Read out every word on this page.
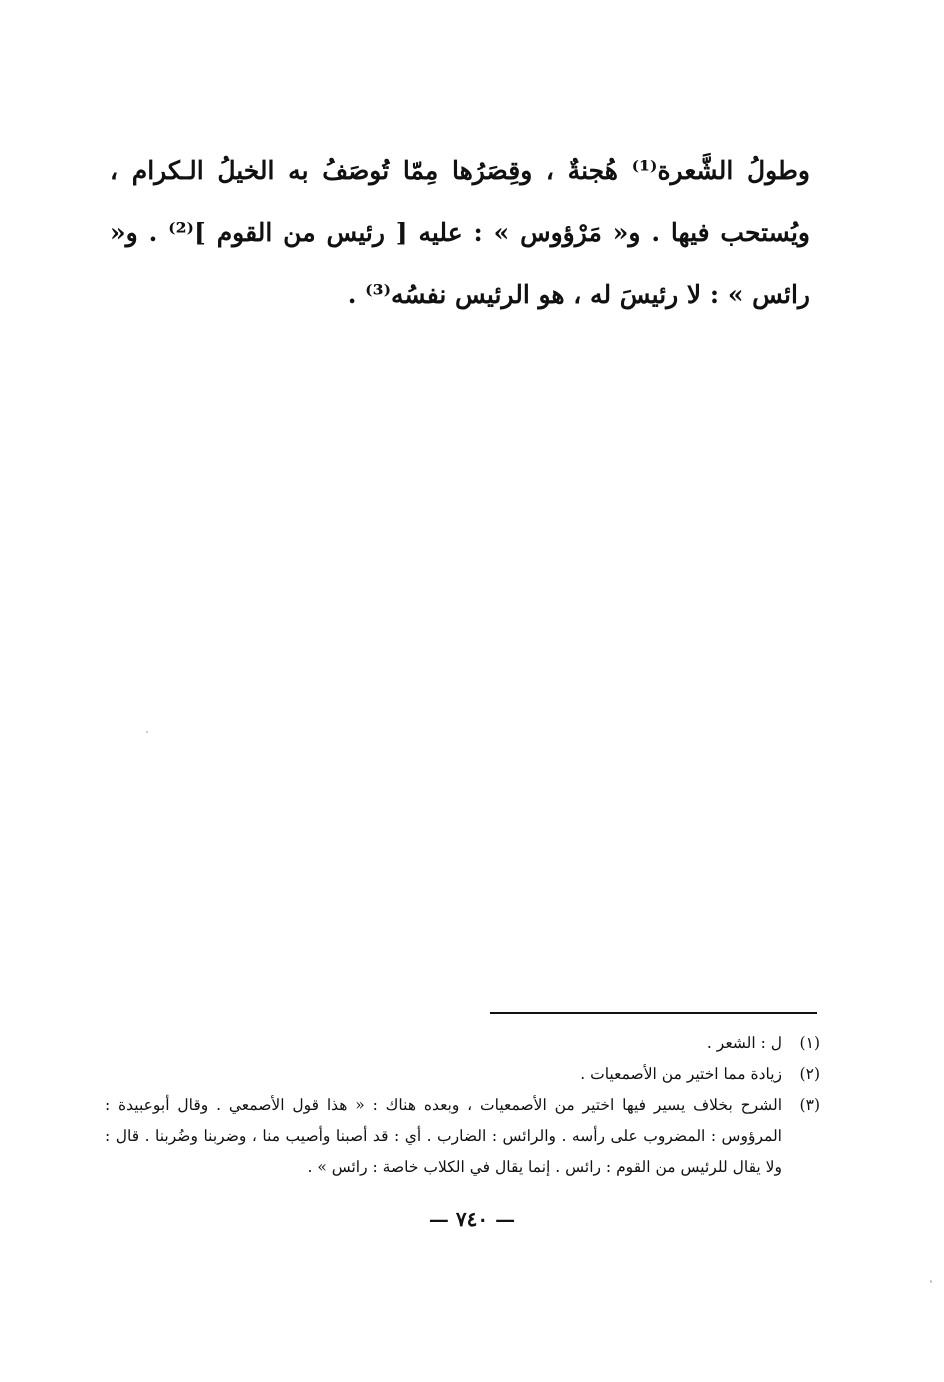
وطولُ الشَّعرة⁽¹⁾ هُجنةٌ ، وقِصَرُها مِمّا تُوصَفُ به الخيلُ الـكرام ، ويُستحب فيها . و« مَرْؤوس » : عليه [ رئيس من القوم ]⁽²⁾ . و« رائس » : لا رئيسَ له ، هو الرئيس نفسُه⁽³⁾ .

(١)
ل : الشعر .
(٢)
زيادة مما اختير من الأصمعيات .
(٣)
الشرح بخلاف يسير فيها اختير من الأصمعيات ، وبعده هناك : « هذا قول الأصمعي . وقال أبوعبيدة : المرؤوس : المضروب على رأسه . والرائس : الضارب . أي : قد أصبنا وأصيب منا ، وضربنا وضُربنا . قال : ولا يقال للرئيس من القوم : رائس . إنما يقال في الكلاب خاصة : رائس » .
— ٧٤٠ —
